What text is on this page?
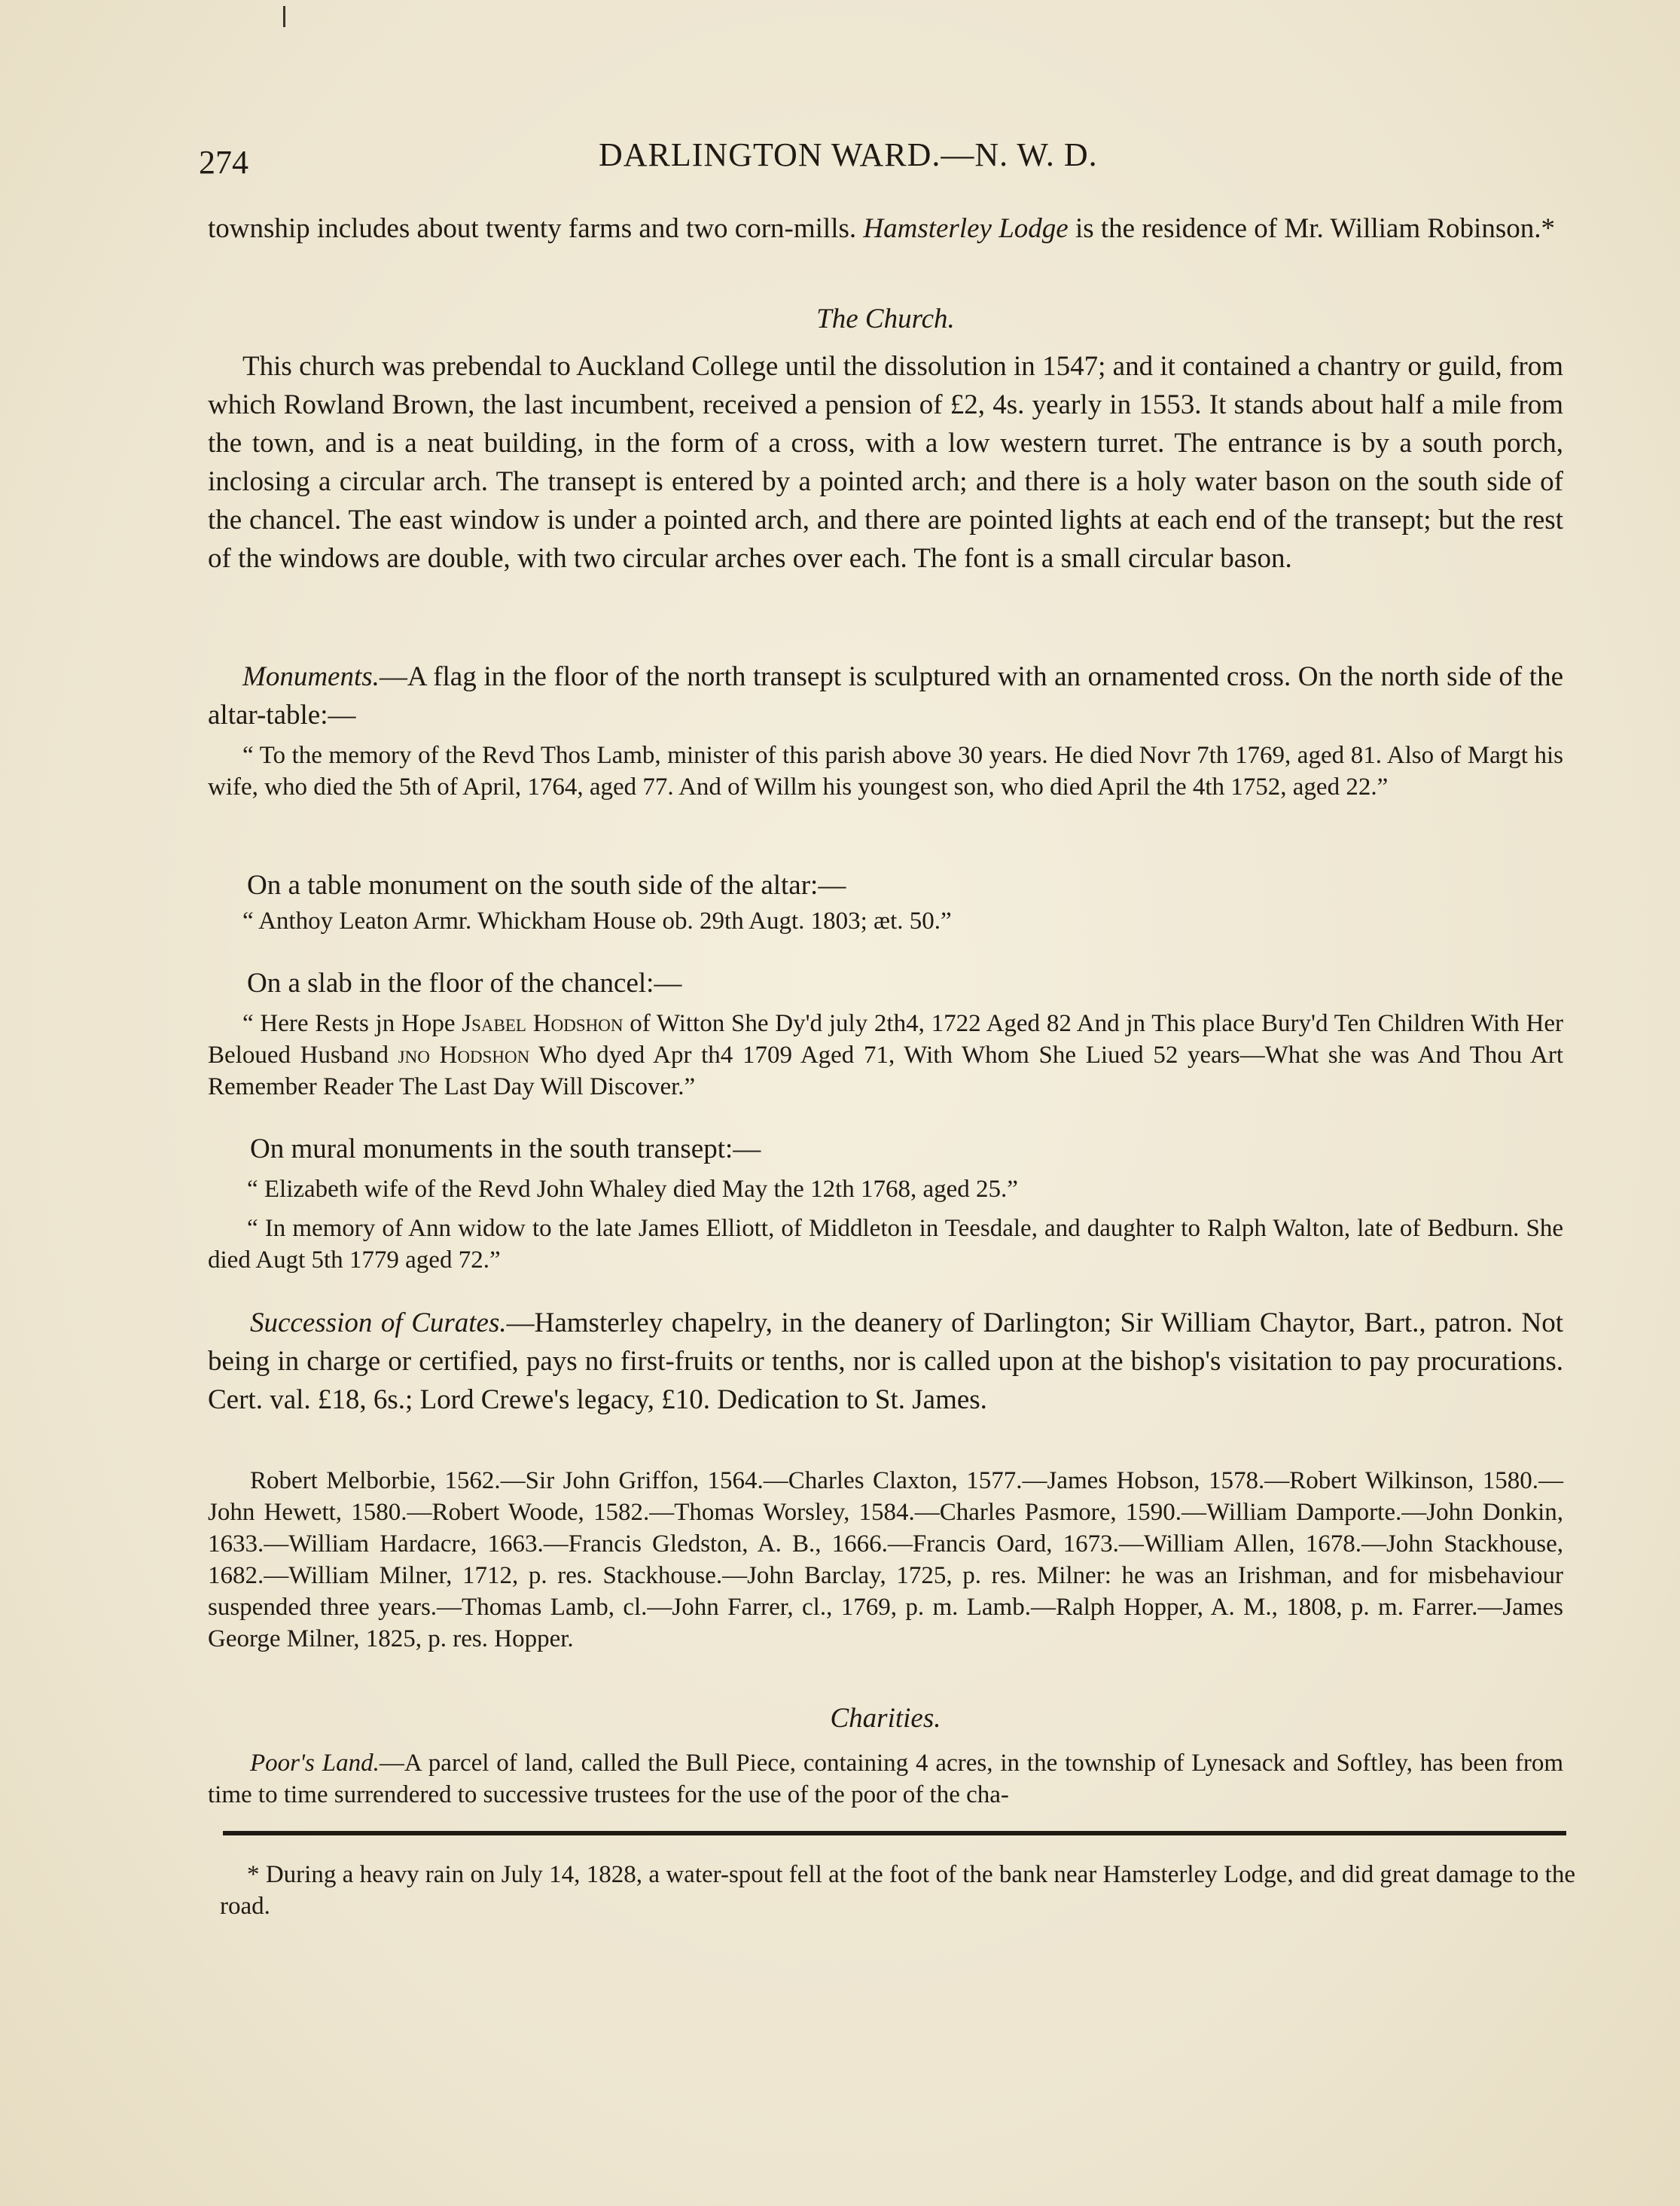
274	DARLINGTON WARD.—N. W. D.

township includes about twenty farms and two corn-mills. Hamsterley Lodge is the residence of Mr. William Robinson.*

The Church.

This church was prebendal to Auckland College until the dissolution in 1547; and it contained a chantry or guild, from which Rowland Brown, the last incumbent, received a pension of £2, 4s. yearly in 1553. It stands about half a mile from the town, and is a neat building, in the form of a cross, with a low western turret. The entrance is by a south porch, inclosing a circular arch. The transept is entered by a pointed arch; and there is a holy water bason on the south side of the chancel. The east window is under a pointed arch, and there are pointed lights at each end of the transept; but the rest of the windows are double, with two circular arches over each. The font is a small circular bason.

Monuments.—A flag in the floor of the north transept is sculptured with an ornamented cross. On the north side of the altar-table:—

“ To the memory of the Revd Thos Lamb, minister of this parish above 30 years. He died Novr 7th 1769, aged 81. Also of Margt his wife, who died the 5th of April, 1764, aged 77. And of Willm his youngest son, who died April the 4th 1752, aged 22.”

On a table monument on the south side of the altar:—

“ Anthoy Leaton Armr. Whickham House ob. 29th Augt. 1803; æt. 50.”

On a slab in the floor of the chancel:—

“ Here Rests jn Hope Jsabel Hodshon of Witton She Dy'd july 2th4, 1722 Aged 82 And jn This place Bury'd Ten Children With Her Beloued Husband jno Hodshon Who dyed Apr th4 1709 Aged 71, With Whom She Liued 52 years—What she was And Thou Art Remember Reader The Last Day Will Discover.”

On mural monuments in the south transept:—

“ Elizabeth wife of the Revd John Whaley died May the 12th 1768, aged 25.”

“ In memory of Ann widow to the late James Elliott, of Middleton in Teesdale, and daughter to Ralph Walton, late of Bedburn. She died Augt 5th 1779 aged 72.”

Succession of Curates.—Hamsterley chapelry, in the deanery of Darlington; Sir William Chaytor, Bart., patron. Not being in charge or certified, pays no first-fruits or tenths, nor is called upon at the bishop's visitation to pay procurations. Cert. val. £18, 6s.; Lord Crewe's legacy, £10. Dedication to St. James.

Robert Melborbie, 1562.—Sir John Griffon, 1564.—Charles Claxton, 1577.—James Hobson, 1578.—Robert Wilkinson, 1580.—John Hewett, 1580.—Robert Woode, 1582.—Thomas Worsley, 1584.—Charles Pasmore, 1590.—William Damporte.—John Donkin, 1633.—William Hardacre, 1663.—Francis Gledston, A. B., 1666.—Francis Oard, 1673.—William Allen, 1678.—John Stackhouse, 1682.—William Milner, 1712, p. res. Stackhouse.—John Barclay, 1725, p. res. Milner: he was an Irishman, and for misbehaviour suspended three years.—Thomas Lamb, cl.—John Farrer, cl., 1769, p. m. Lamb.—Ralph Hopper, A. M., 1808, p. m. Farrer.—James George Milner, 1825, p. res. Hopper.

Charities.

Poor's Land.—A parcel of land, called the Bull Piece, containing 4 acres, in the township of Lynesack and Softley, has been from time to time surrendered to successive trustees for the use of the poor of the cha-

* During a heavy rain on July 14, 1828, a water-spout fell at the foot of the bank near Hamsterley Lodge, and did great damage to the road.
